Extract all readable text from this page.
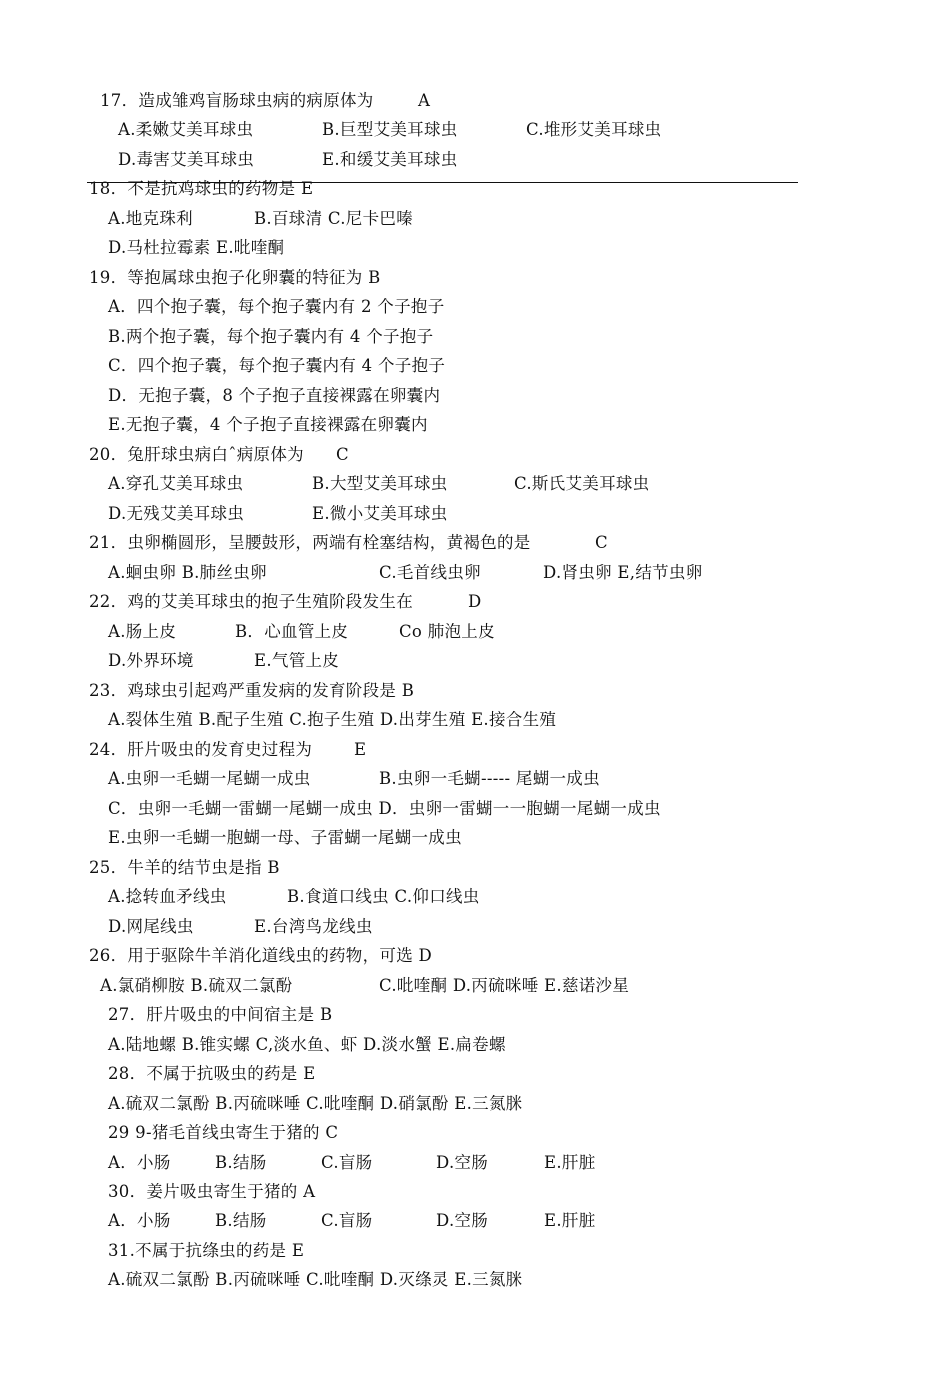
17．造成雏鸡盲肠球虫病的病原体为

	A

A.柔嫩艾美耳球虫

	B.巨型艾美耳球虫

	C.堆形艾美耳球虫

D.毒害艾美耳球虫

	E.和缓艾美耳球虫

18．不是抗鸡球虫的药物是 E

A.地克珠利

	B.百球清 C.尼卡巴嗪

D.马杜拉霉素 E.吡喹酮

19．等抱属球虫抱子化卵囊的特征为 B

A．四个抱子囊，每个抱子囊内有 2 个子抱子

B.两个抱子囊，每个抱子囊内有 4 个子抱子

C．四个抱子囊，每个抱子囊内有 4 个子抱子

D．无抱子囊，8 个子抱子直接裸露在卵囊内

E.无抱子囊，4 个子抱子直接裸露在卵囊内

20．兔肝球虫病白ˆ病原体为

C

A.穿孔艾美耳球虫

	B.大型艾美耳球虫

	C.斯氏艾美耳球虫

D.无残艾美耳球虫

	E.微小艾美耳球虫

21．虫卵椭圆形，呈腰鼓形，两端有栓塞结构，黄褐色的是

	C

A.蛔虫卵 B.肺丝虫卵

	C.毛首线虫卵

	D.肾虫卵 E,结节虫卵

22．鸡的艾美耳球虫的抱子生殖阶段发生在

	D

A.肠上皮

	B．心血管上皮

	Co 肺泡上皮

D.外界环境

	E.气管上皮

23．鸡球虫引起鸡严重发病的发育阶段是 B

A.裂体生殖 B.配子生殖 C.抱子生殖 D.出芽生殖 E.接合生殖

24．肝片吸虫的发育史过程为

	E

A.虫卵一毛蝴一尾蝴一成虫

	B.虫卵一毛蝴----- 尾蝴一成虫

C．虫卵一毛蝴一雷蝴一尾蝴一成虫 D．虫卵一雷蝴一一胞蝴一尾蝴一成虫

E.虫卵一毛蝴一胞蝴一母、子雷蝴一尾蝴一成虫

25．牛羊的结节虫是指 B

A.捻转血矛线虫

	B.食道口线虫 C.仰口线虫

D.网尾线虫

	E.台湾鸟龙线虫

26．用于驱除牛羊消化道线虫的药物，可选 D

A.氯硝柳胺 B.硫双二氯酚

	C.吡喹酮 D.丙硫咪唾 E.慈诺沙星

27．肝片吸虫的中间宿主是 B

A.陆地螺 B.锥实螺 C,淡水鱼、虾 D.淡水蟹 E.扁卷螺

28．不属于抗吸虫的药是 E

A.硫双二氯酚 B.丙硫咪唾 C.吡喹酮 D.硝氯酚 E.三氮脒

29 9-猪毛首线虫寄生于猪的 C

A．小肠

	B.结肠

	C.盲肠

	D.空肠

	E.肝脏

30．姜片吸虫寄生于猪的 A

A．小肠

	B.结肠

	C.盲肠

	D.空肠

	E.肝脏

31.不属于抗绦虫的药是 E

A.硫双二氯酚 B.丙硫咪唾 C.吡喹酮 D.灭绦灵 E.三氮脒
